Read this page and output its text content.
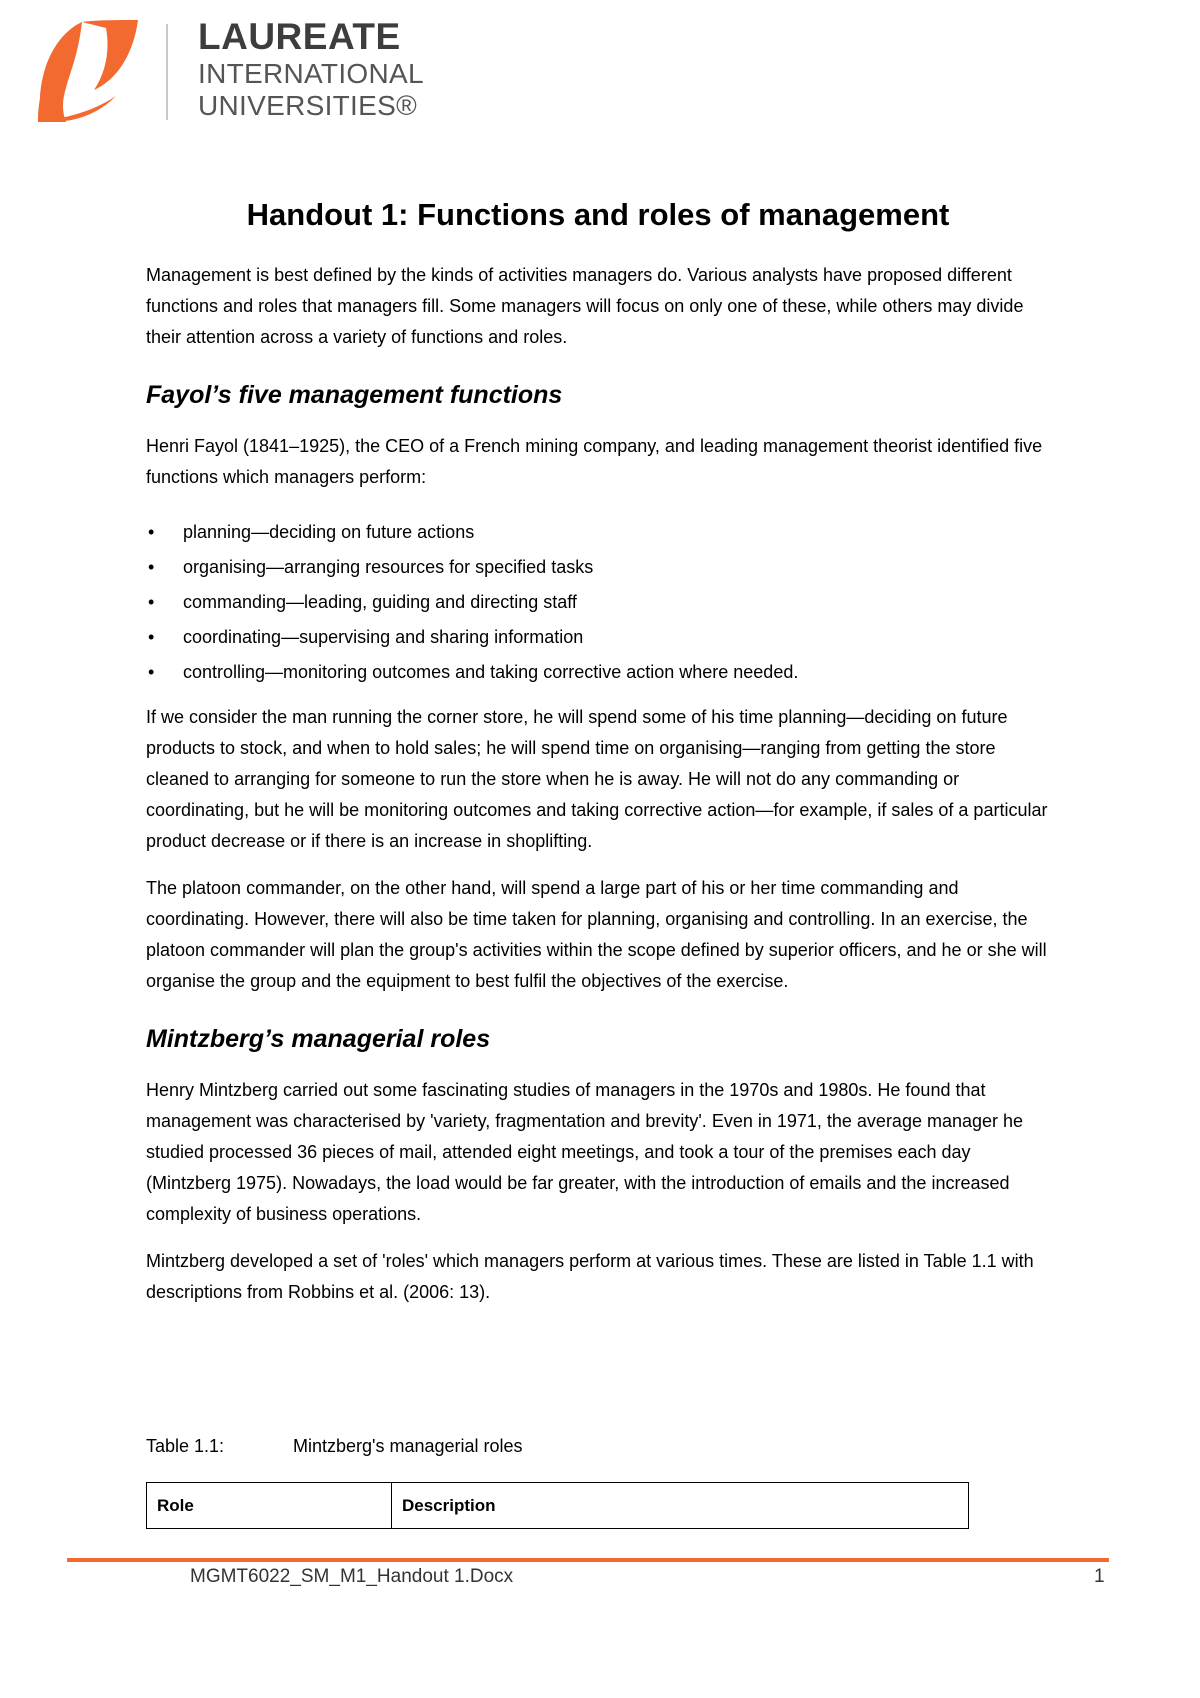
LAUREATE
INTERNATIONAL
UNIVERSITIES®
Handout 1: Functions and roles of management

Management is best defined by the kinds of activities managers do. Various analysts have proposed different functions and roles that managers fill. Some managers will focus on only one of these, while others may divide their attention across a variety of functions and roles.

Fayol’s five management functions

Henri Fayol (1841–1925), the CEO of a French mining company, and leading management theorist identified five functions which managers perform:

• planning—deciding on future actions
• organising—arranging resources for specified tasks
• commanding—leading, guiding and directing staff
• coordinating—supervising and sharing information
• controlling—monitoring outcomes and taking corrective action where needed.

If we consider the man running the corner store, he will spend some of his time planning—deciding on future products to stock, and when to hold sales; he will spend time on organising—ranging from getting the store cleaned to arranging for someone to run the store when he is away. He will not do any commanding or coordinating, but he will be monitoring outcomes and taking corrective action—for example, if sales of a particular product decrease or if there is an increase in shoplifting.

The platoon commander, on the other hand, will spend a large part of his or her time commanding and coordinating. However, there will also be time taken for planning, organising and controlling. In an exercise, the platoon commander will plan the group's activities within the scope defined by superior officers, and he or she will organise the group and the equipment to best fulfil the objectives of the exercise.

Mintzberg’s managerial roles

Henry Mintzberg carried out some fascinating studies of managers in the 1970s and 1980s. He found that management was characterised by 'variety, fragmentation and brevity'. Even in 1971, the average manager he studied processed 36 pieces of mail, attended eight meetings, and took a tour of the premises each day (Mintzberg 1975). Nowadays, the load would be far greater, with the introduction of emails and the increased complexity of business operations.

Mintzberg developed a set of 'roles' which managers perform at various times. These are listed in Table 1.1 with descriptions from Robbins et al. (2006: 13).

Table 1.1:	Mintzberg's managerial roles
Role	Description
MGMT6022_SM_M1_Handout 1.Docx	1
